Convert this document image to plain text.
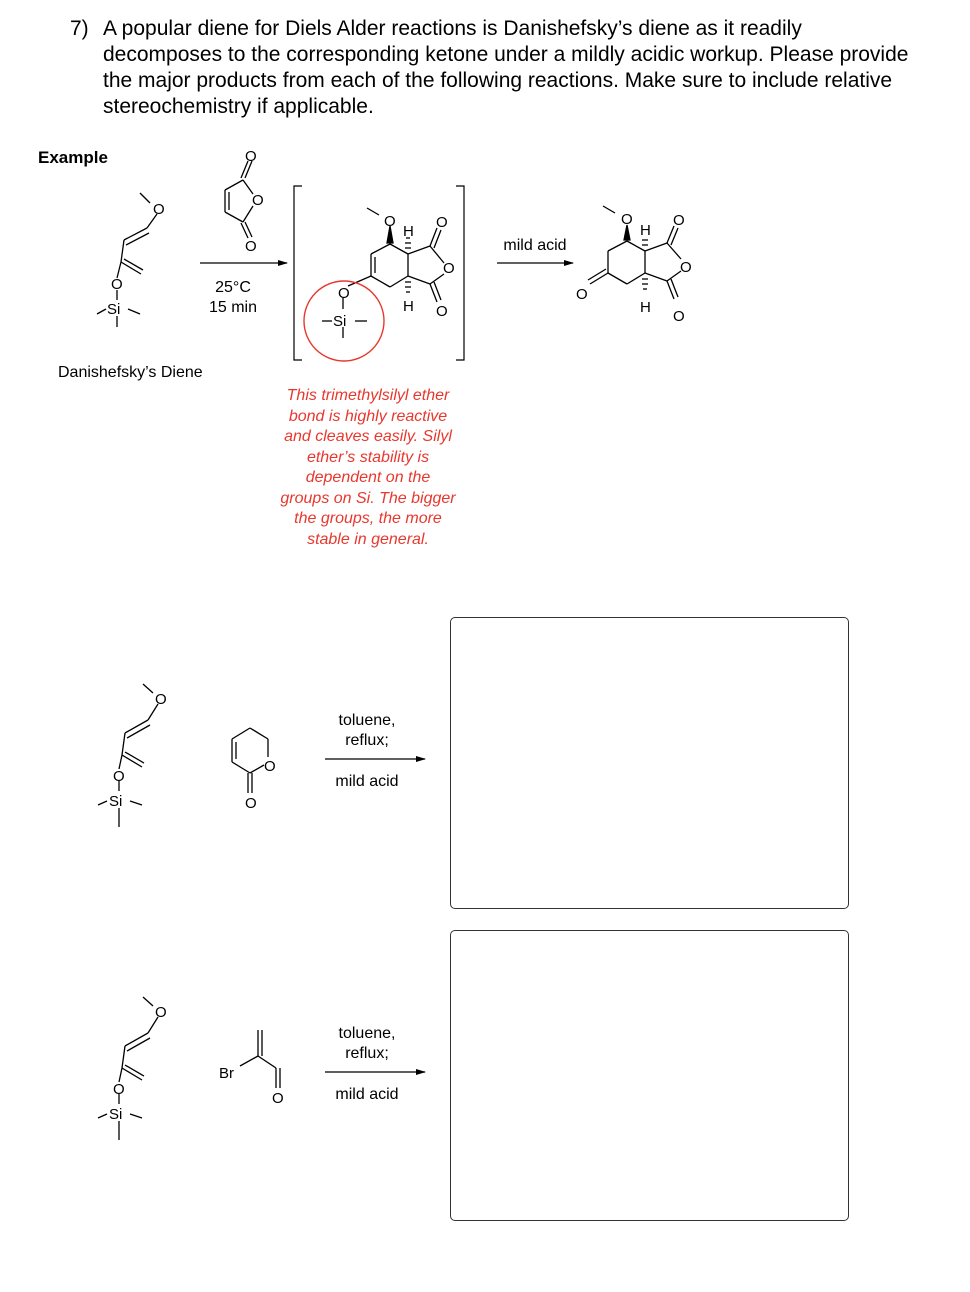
7) A popular diene for Diels Alder reactions is Danishefsky’s diene as it readily decomposes to the corresponding ketone under a mildly acidic workup. Please provide the major products from each of the following reactions. Make sure to include relative stereochemistry if applicable.
Example
Danishefsky’s Diene
25°C
15 min
mild acid
This trimethylsilyl ether bond is highly reactive and cleaves easily. Silyl ether’s stability is dependent on the groups on Si. The bigger the groups, the more stable in general.
toluene,
reflux;
mild acid
toluene,
reflux;
mild acid
O
O
Si
O
O
O
O
H
H
O
O
O
O
Si
O
H
H
O
O
O
O
O
O
Si
O
O
O
O
Si
Br
O
